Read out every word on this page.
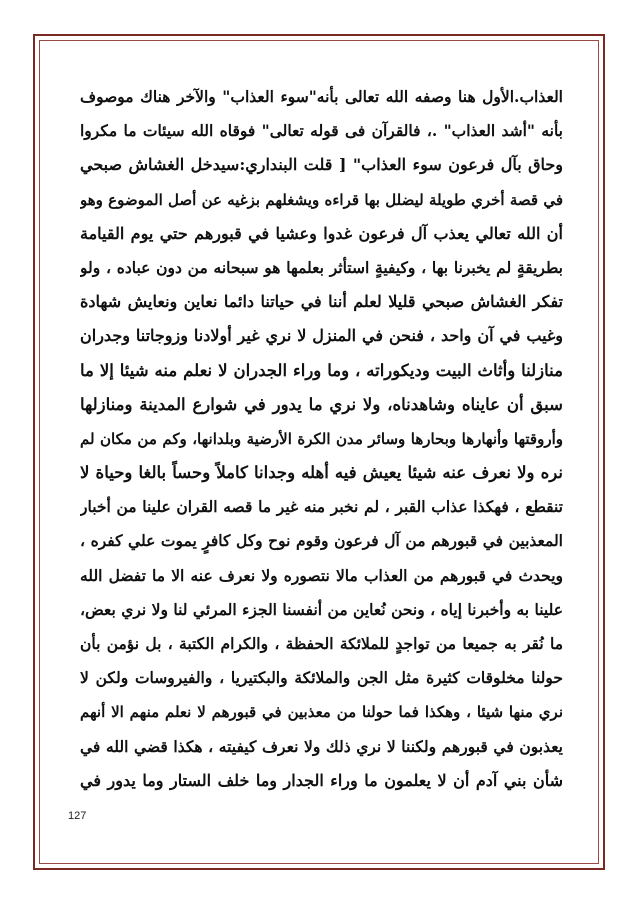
العذاب.الأول هنا وصفه الله تعالى بأنه"سوء العذاب" والآخر هناك موصوف
بأنه "أشد العذاب" .، فالقرآن فى قوله تعالى" فوقاه الله سيئات ما مكروا
وحاق بآل فرعون سوء العذاب" [ قلت البنداري:سيدخل الغشاش صبحي
في قصة أخري طويلة ليضلل بها قراءه ويشغلهم بزغيه عن أصل الموضوع وهو
أن الله تعالي يعذب آل فرعون غدوا وعشيا في قبورهم حتي يوم القيامة
بطريقةٍ لم يخبرنا بها ، وكيفيةٍ استأثر بعلمها هو سبحانه من دون عباده ، ولو
تفكر الغشاش صبحي قليلا لعلم أننا في حياتنا دائما نعاين ونعايش شهادة
وغيب في آن واحد ، فنحن في المنزل لا نري غير أولادنا وزوجاتنا وجدران
منازلنا وأثاث البيت وديكوراته ، وما وراء الجدران لا نعلم منه شيئا إلا ما
سبق أن عايناه وشاهدناه، ولا نري ما يدور في شوارع المدينة ومنازلها
وأروقتها وأنهارها وبحارها وسائر مدن الكرة الأرضية وبلدانها، وكم من مكان لم
نره ولا نعرف عنه شيئا يعيش فيه أهله وجدانا كاملاً وحساً بالغا وحياة لا
تنقطع ، فهكذا عذاب القبر ، لم نخبر منه غير ما قصه القران علينا من أخبار
المعذبين في قبورهم من آل فرعون وقوم نوح وكل كافرٍ يموت علي كفره ،
ويحدث في قبورهم من العذاب مالا نتصوره ولا نعرف عنه الا ما تفضل الله
علينا به وأخبرنا إياه ، ونحن نُعاين من أنفسنا الجزء المرئي لنا ولا نري بعض،
ما نُقر به جميعا من تواجدٍ للملائكة الحفظة ، والكرام الكتبة ، بل نؤمن بأن
حولنا مخلوقات كثيرة مثل الجن والملائكة والبكتيريا ، والفيروسات ولكن لا
نري منها شيئا ، وهكذا فما حولنا من معذبين في قبورهم لا نعلم منهم الا أنهم
يعذبون في قبورهم ولكننا لا نري ذلك ولا نعرف كيفيته ، هكذا قضي الله في
شأن بني آدم أن لا يعلمون ما وراء الجدار وما خلف الستار وما يدور في
127
